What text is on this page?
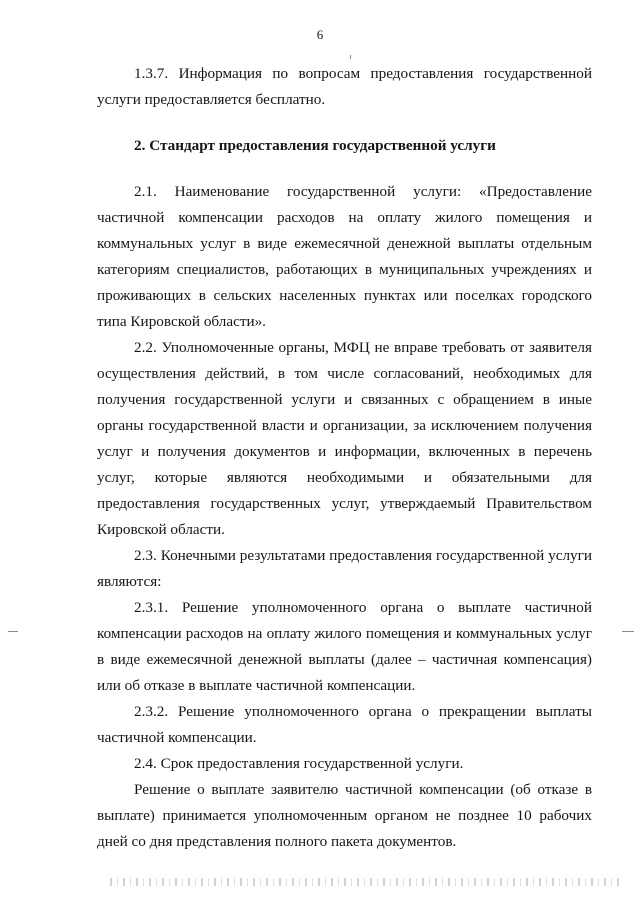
6

1.3.7. Информация по вопросам предоставления государственной услуги предоставляется бесплатно.

2. Стандарт предоставления государственной услуги

2.1. Наименование государственной услуги: «Предоставление частичной компенсации расходов на оплату жилого помещения и коммунальных услуг в виде ежемесячной денежной выплаты отдельным категориям специалистов, работающих в муниципальных учреждениях и проживающих в сельских населенных пунктах или поселках городского типа Кировской области».

2.2. Уполномоченные органы, МФЦ не вправе требовать от заявителя осуществления действий, в том числе согласований, необходимых для получения государственной услуги и связанных с обращением в иные органы государственной власти и организации, за исключением получения услуг и получения документов и информации, включенных в перечень услуг, которые являются необходимыми и обязательными для предоставления государственных услуг, утверждаемый Правительством Кировской области.

2.3. Конечными результатами предоставления государственной услуги являются:

2.3.1. Решение уполномоченного органа о выплате частичной компенсации расходов на оплату жилого помещения и коммунальных услуг в виде ежемесячной денежной выплаты (далее – частичная компенсация) или об отказе в выплате частичной компенсации.

2.3.2. Решение уполномоченного органа о прекращении выплаты частичной компенсации.

2.4. Срок предоставления государственной услуги.

Решение о выплате заявителю частичной компенсации (об отказе в выплате) принимается уполномоченным органом не позднее 10 рабочих дней со дня представления полного пакета документов.
